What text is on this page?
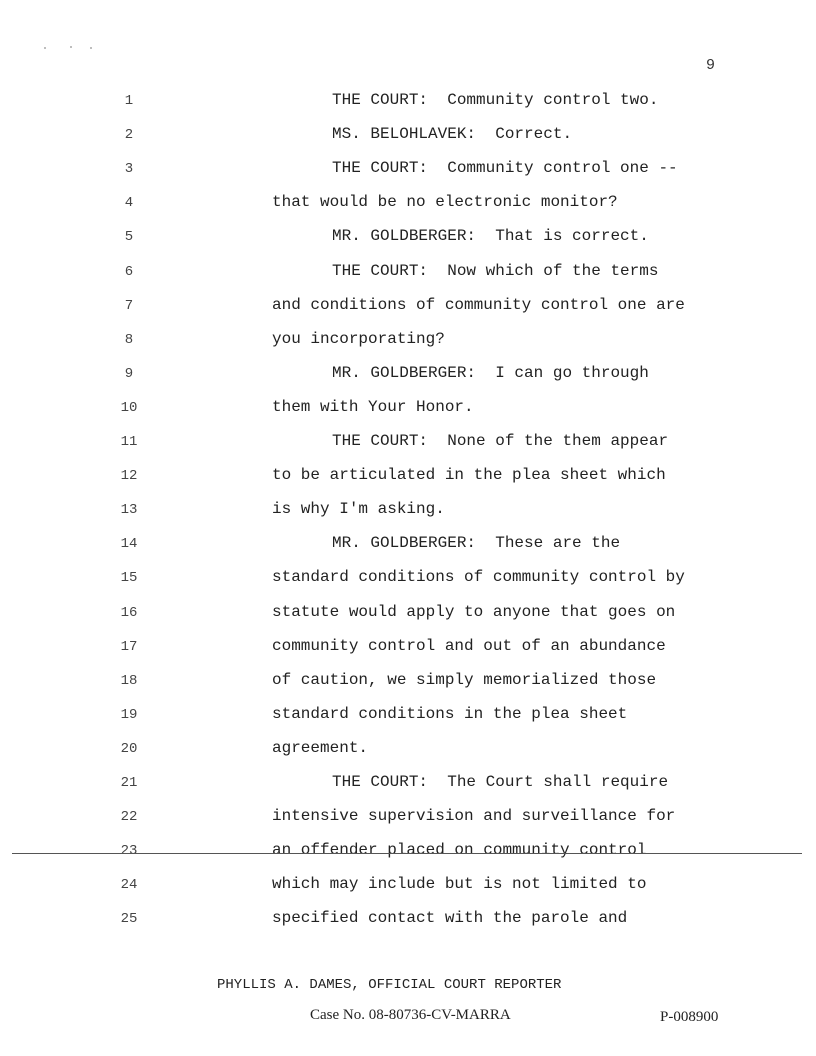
9
1	THE COURT:  Community control two.
2	MS. BELOHLAVEK:  Correct.
3	THE COURT:  Community control one --
4	that would be no electronic monitor?
5	MR. GOLDBERGER:  That is correct.
6	THE COURT:  Now which of the terms
7	and conditions of community control one are
8	you incorporating?
9	MR. GOLDBERGER:  I can go through
10	them with Your Honor.
11	THE COURT:  None of the them appear
12	to be articulated in the plea sheet which
13	is why I'm asking.
14	MR. GOLDBERGER:  These are the
15	standard conditions of community control by
16	statute would apply to anyone that goes on
17	community control and out of an abundance
18	of caution, we simply memorialized those
19	standard conditions in the plea sheet
20	agreement.
21	THE COURT:  The Court shall require
22	intensive supervision and surveillance for
23	an offender placed on community control
24	which may include but is not limited to
25	specified contact with the parole and
PHYLLIS A. DAMES, OFFICIAL COURT REPORTER
Case No. 08-80736-CV-MARRA	P-008900
